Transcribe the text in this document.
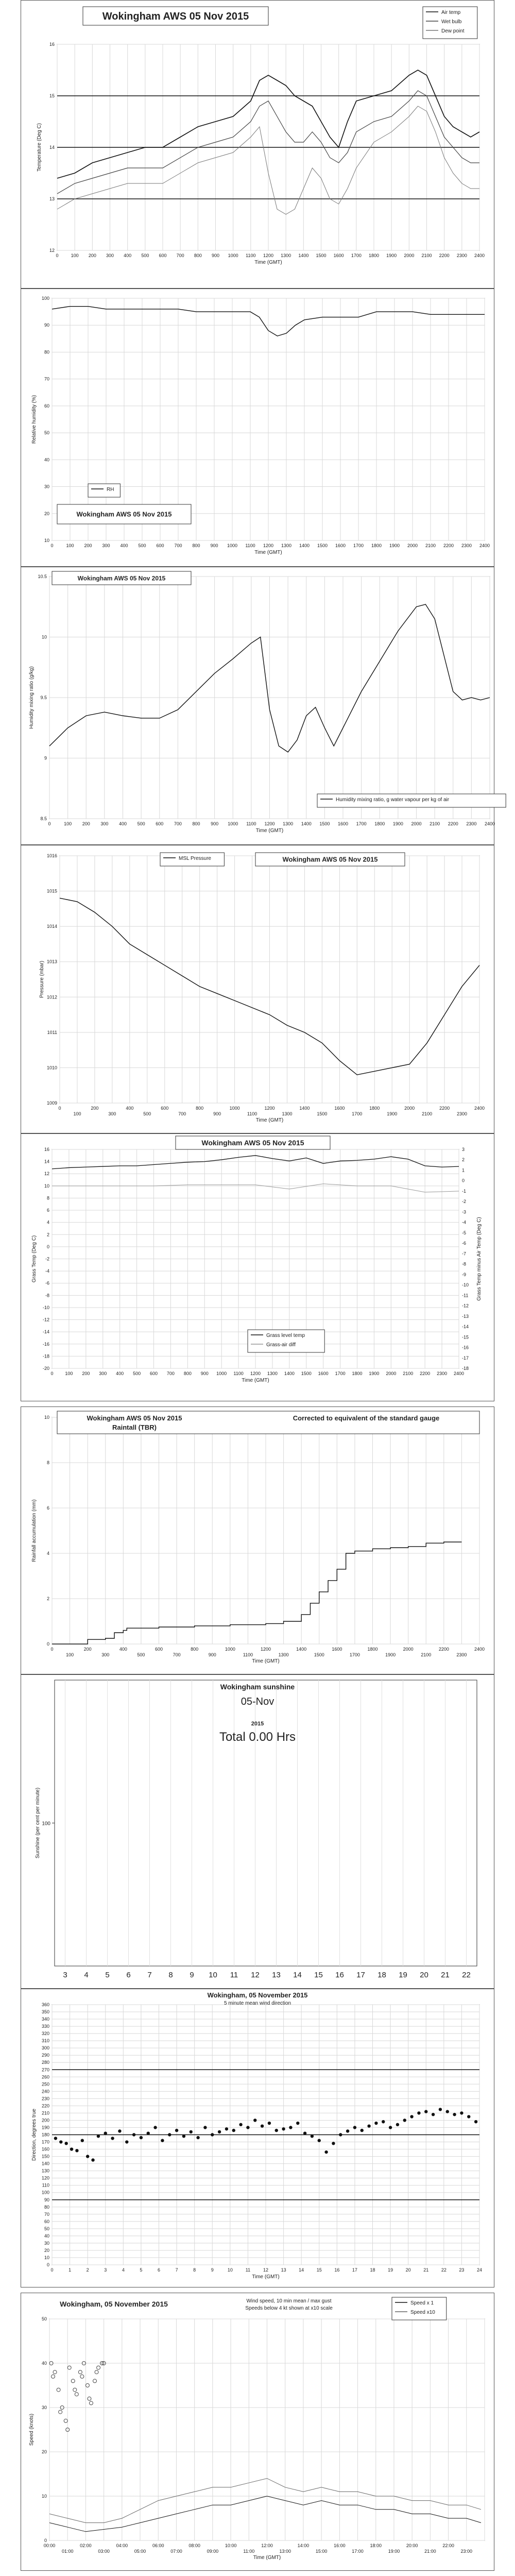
0	100 200 300 400 500 600 700 800 900 1000 1100 1200 1300 1400 1500 1600 1700 1800 1900 2000 2100 2200 2300 2400
12
13
14
15
16
Time (GMT)
Temperature (Deg C)
Wokingham AWS 05 Nov 2015	Air temp
Wet bulb
Dew point
0	100 200 300 400 500 600 700 800 900 1000 1100 1200 1300 1400 1500 1600 1700 1800 1900 2000 2100 2200 2300 2400
10
20
30
40
50
60
70
80
90
100
Time (GMT)
Relative humidity (%)
Wokingham AWS 05 Nov 2015
RH
0	100 200 300 400 500 600 700 800 900 1000 1100 1200 1300 1400 1500 1600 1700 1800 1900 2000 2100 2200 2300 2400
8.5
9
9.5
10
10.5
Time (GMT)
Humidity mixing ratio (g/kg)
Wokingham AWS 05 Nov 2015
Humidity mixing ratio, g water vapour per kg of air
0
100
200
300
400
500
600
700
800
900
1000
1100
1200
1300
1400
1500
1600
1700
1800
1900
2000
2100
2200
2300
2400
1009
1010
1011
1012
1013
1014
1015
1016
Time (GMT)
Pressure (mbar)
MSL Pressure	Wokingham AWS 05 Nov 2015
0	100 200 300 400 500 600 700 800 900 1000 1100 1200 1300 1400 1500 1600 1700 1800 1900 2000 2100 2200 2300 2400
-20
-18
-16
-14
-12
-10
-8
-6
-4
-2
0
2
4
6
8
10
12
14
16
Time (GMT)
Grass Temp (Deg C)
-18
-17
-16
-15
-14
-13
-12
-11
-10
-9
-8
-7
-6
-5
-4
-3
-2
-1
0
1
2
3
Grass Temp minus Air Temp (Deg C)
Wokingham AWS 05 Nov 2015
Grass level temp
Grass-air diff
0
100
200
300
400
500
600
700
800
900
1000
1100
1200
1300
1400
1500
1600
1700
1800
1900
2000
2100
2200
2300
2400
0
2
4
6
8
10
Time (GMT)
Rainfall accumulation (mm)
Wokingham AWS 05 Nov 2015
Raintall (TBR)
Corrected to equivalent of the standard gauge
3 4 5 6 7 8 9 10 11 12 13 14 15 16 17 18 19 20 21 22
100
Sunshine (per cent per minute)
Wokingham sunshine
05-Nov
2015
Total 0.00 Hrs
0	1	2	3	4	5	6	7	8	9	10	11	12	13	14	15	16	17	18	19	20	21	22	23	24
0
10
20
30
40
50
60
70
80
90
100
110
120
130
140
150
160
170
180
190
200
210
220
230
240
250
260
270
280
290
300
310
320
330
340
350
360
Time (GMT)
Direction, degrees true
Wokingham, 05 November 2015
5 minute mean wind direction
00:00
01:00
02:00
03:00
04:00
05:00
06:00
07:00
08:00
09:00
10:00
11:00
12:00
13:00
14:00
15:00
16:00
17:00
18:00
19:00
20:00
21:00
22:00
23:00
0
10
20
30
40
50
Time (GMT)
Speed (knots)
Wokingham, 05 November 2015	Wind speed, 10 min mean / max gust
Speeds below 4 kt shown at x10 scale
Speed x 1
Speed x10
